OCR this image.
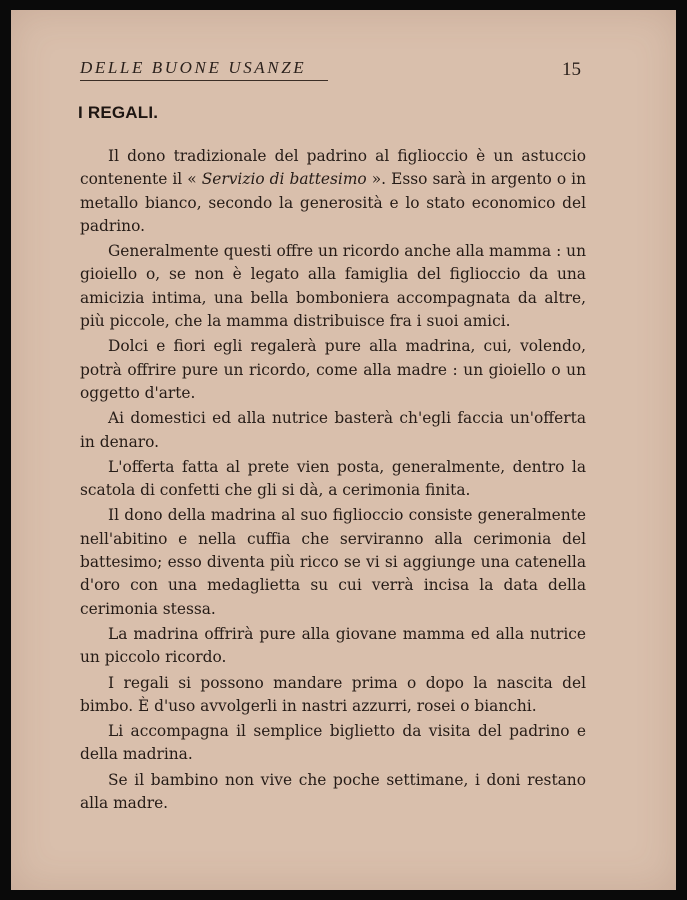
DELLE BUONE USANZE	15
I REGALI.

Il dono tradizionale del padrino al figlioccio è un astuccio contenente il « Servizio di battesimo ». Esso sarà in argento o in metallo bianco, secondo la generosità e lo stato economico del padrino.

Generalmente questi offre un ricordo anche alla mamma : un gioiello o, se non è legato alla famiglia del figlioccio da una amicizia intima, una bella bomboniera accompagnata da altre, più piccole, che la mamma distribuisce fra i suoi amici.

Dolci e fiori egli regalerà pure alla madrina, cui, volendo, potrà offrire pure un ricordo, come alla madre : un gioiello o un oggetto d'arte.

Ai domestici ed alla nutrice basterà ch'egli faccia un'offerta in denaro.

L'offerta fatta al prete vien posta, generalmente, dentro la scatola di confetti che gli si dà, a cerimonia finita.

Il dono della madrina al suo figlioccio consiste generalmente nell'abitino e nella cuffia che serviranno alla cerimonia del battesimo; esso diventa più ricco se vi si aggiunge una catenella d'oro con una medaglietta su cui verrà incisa la data della cerimonia stessa.

La madrina offrirà pure alla giovane mamma ed alla nutrice un piccolo ricordo.

I regali si possono mandare prima o dopo la nascita del bimbo. È d'uso avvolgerli in nastri azzurri, rosei o bianchi.

Li accompagna il semplice biglietto da visita del padrino e della madrina.

Se il bambino non vive che poche settimane, i doni restano alla madre.
